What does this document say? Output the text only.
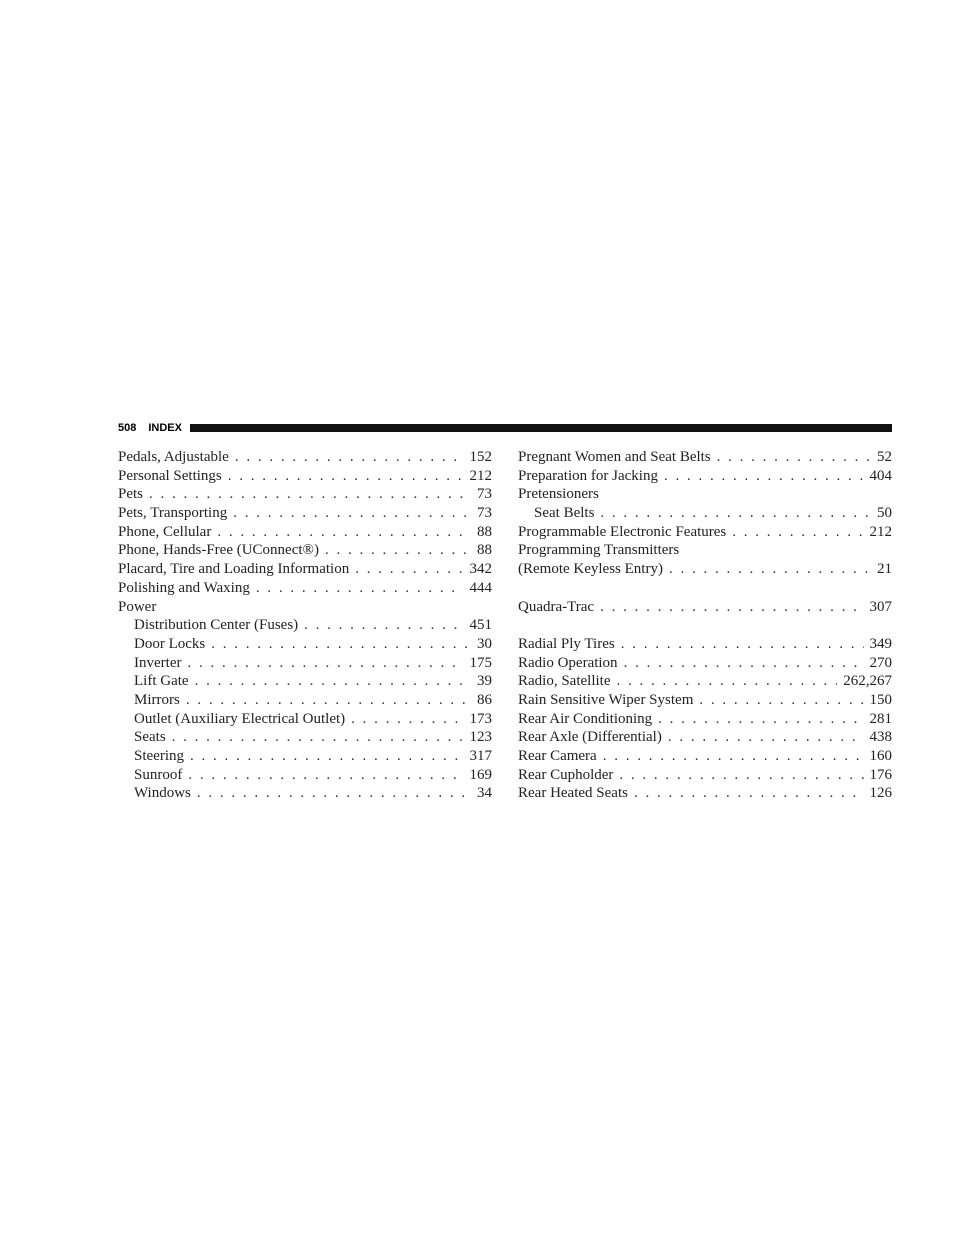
508 INDEX
Pedals, Adjustable . . .	152
Personal Settings . . .	212
Pets . . .	73
Pets, Transporting . . .	73
Phone, Cellular . . .	88
Phone, Hands-Free (UConnect®) . . .	88
Placard, Tire and Loading Information . . .	342
Polishing and Waxing . . .	444
Power
Distribution Center (Fuses) . . .	451
Door Locks . . .	30
Inverter . . .	175
Lift Gate . . .	39
Mirrors . . .	86
Outlet (Auxiliary Electrical Outlet) . . .	173
Seats . . .	123
Steering . . .	317
Sunroof . . .	169
Windows . . .	34
Pregnant Women and Seat Belts . . .	52
Preparation for Jacking . . .	404
Pretensioners
Seat Belts . . .	50
Programmable Electronic Features . . .	212
Programming Transmitters
(Remote Keyless Entry) . . .	21
Quadra-Trac . . .	307
Radial Ply Tires . . .	349
Radio Operation . . .	270
Radio, Satellite . . .	262,267
Rain Sensitive Wiper System . . .	150
Rear Air Conditioning . . .	281
Rear Axle (Differential) . . .	438
Rear Camera . . .	160
Rear Cupholder . . .	176
Rear Heated Seats . . .	126
